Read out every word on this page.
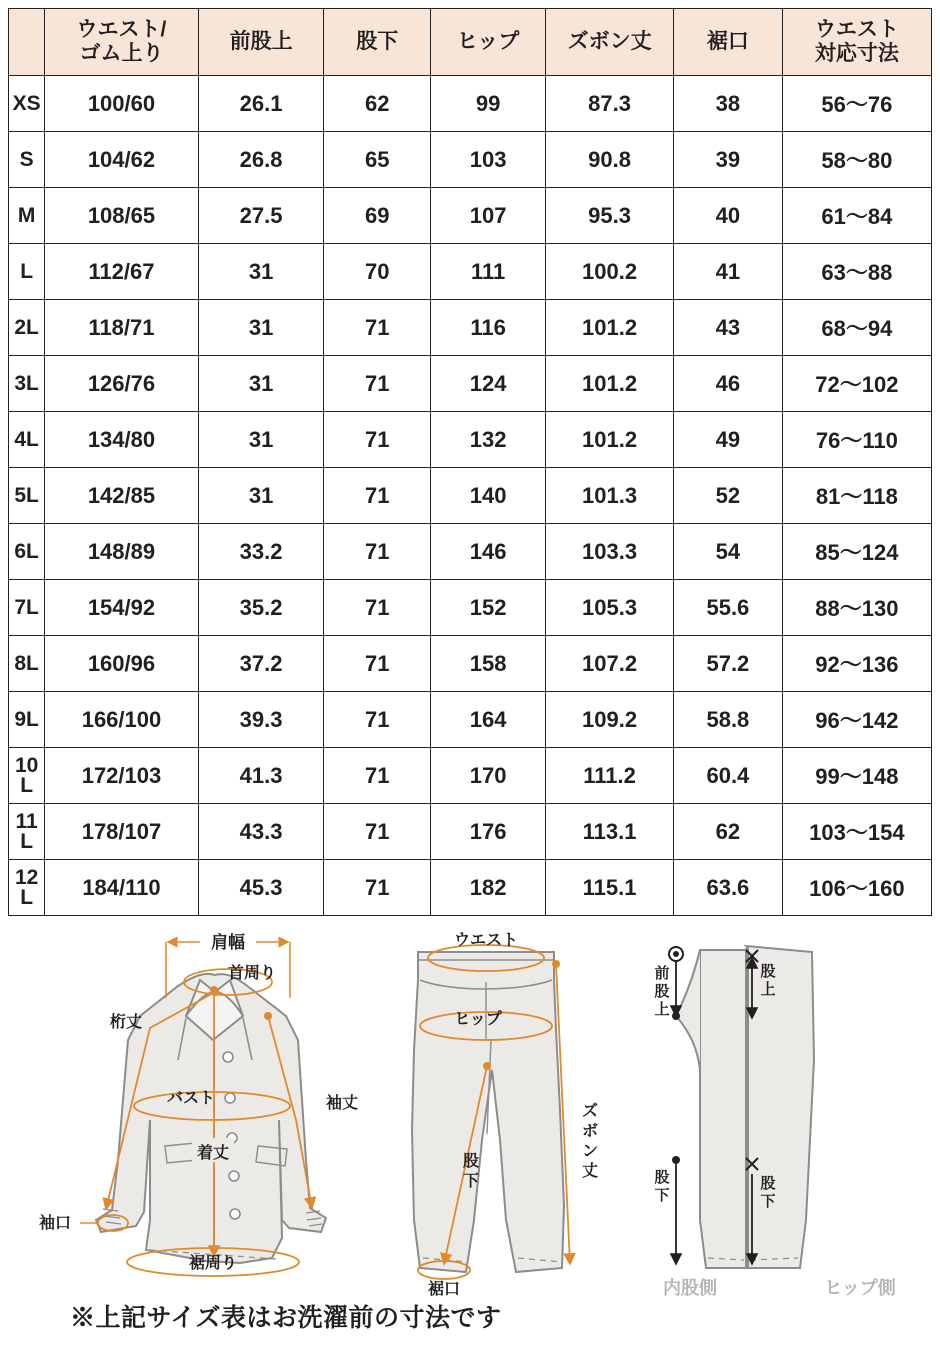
	ウエスト/
ゴム上り	前股上	股下	ヒップ	ズボン丈	裾口	ウエスト
対応寸法

XS	100/60	26.1	62	99	87.3	38	56〜76
S	104/62	26.8	65	103	90.8	39	58〜80
M	108/65	27.5	69	107	95.3	40	61〜84
L	112/67	31	70	111	100.2	41	63〜88
2L	118/71	31	71	116	101.2	43	68〜94
3L	126/76	31	71	124	101.2	46	72〜102
4L	134/80	31	71	132	101.2	49	76〜110
5L	142/85	31	71	140	101.3	52	81〜118
6L	148/89	33.2	71	146	103.3	54	85〜124
7L	154/92	35.2	71	152	105.3	55.6	88〜130
8L	160/96	37.2	71	158	107.2	57.2	92〜136
9L	166/100	39.3	71	164	109.2	58.8	96〜142
10L	172/103	41.3	71	170	111.2	60.4	99〜148
11L	178/107	43.3	71	176	113.1	62	103〜154
12L	184/110	45.3	71	182	115.1	63.6	106〜160
肩幅
首周り
桁丈
バスト	袖丈
着丈
袖口
裾周り
ウエスト
ヒップ
股
下
ズ
ボ
ン
丈
裾口
前
股
上
股
上
股
下
股
下
内股側	ヒップ側
※上記サイズ表はお洗濯前の寸法です
